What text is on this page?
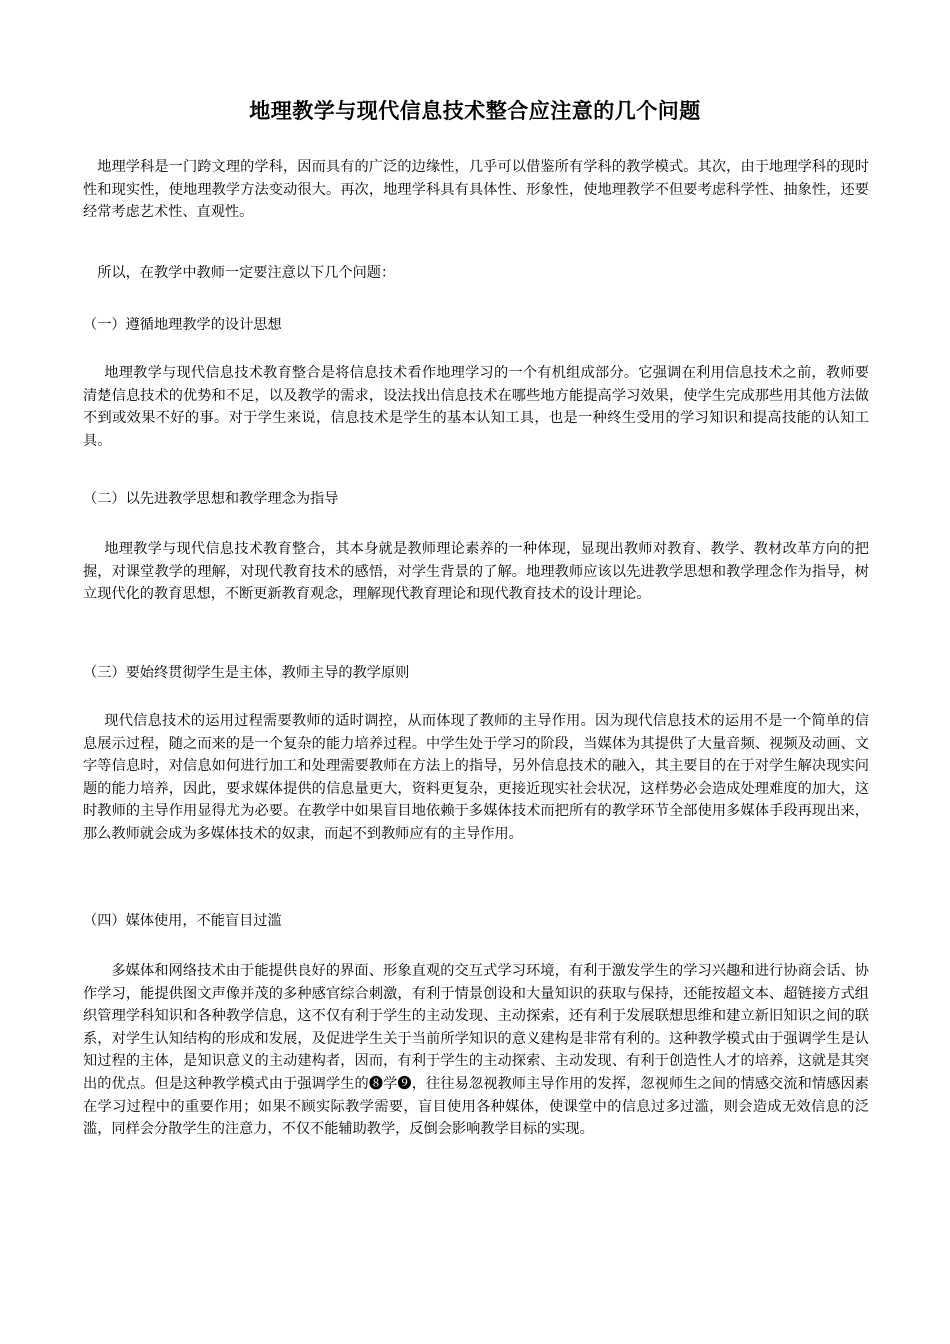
地理教学与现代信息技术整合应注意的几个问题

地理学科是一门跨文理的学科，因而具有的广泛的边缘性，几乎可以借鉴所有学科的教学模式。其次，由于地理学科的现时性和现实性，使地理教学方法变动很大。再次，地理学科具有具体性、形象性，使地理教学不但要考虑科学性、抽象性，还要经常考虑艺术性、直观性。

所以，在教学中教师一定要注意以下几个问题：

（一）遵循地理教学的设计思想

地理教学与现代信息技术教育整合是将信息技术看作地理学习的一个有机组成部分。它强调在利用信息技术之前，教师要清楚信息技术的优势和不足，以及教学的需求，设法找出信息技术在哪些地方能提高学习效果，使学生完成那些用其他方法做不到或效果不好的事。对于学生来说，信息技术是学生的基本认知工具，也是一种终生受用的学习知识和提高技能的认知工具。

（二）以先进教学思想和教学理念为指导

地理教学与现代信息技术教育整合，其本身就是教师理论素养的一种体现，显现出教师对教育、教学、教材改革方向的把握，对课堂教学的理解，对现代教育技术的感悟，对学生背景的了解。地理教师应该以先进教学思想和教学理念作为指导，树立现代化的教育思想，不断更新教育观念，理解现代教育理论和现代教育技术的设计理论。

（三）要始终贯彻学生是主体，教师主导的教学原则

现代信息技术的运用过程需要教师的适时调控，从而体现了教师的主导作用。因为现代信息技术的运用不是一个简单的信息展示过程，随之而来的是一个复杂的能力培养过程。中学生处于学习的阶段，当媒体为其提供了大量音频、视频及动画、文字等信息时，对信息如何进行加工和处理需要教师在方法上的指导，另外信息技术的融入，其主要目的在于对学生解决现实问题的能力培养，因此，要求媒体提供的信息量更大，资料更复杂，更接近现实社会状况，这样势必会造成处理难度的加大，这时教师的主导作用显得尤为必要。在教学中如果盲目地依赖于多媒体技术而把所有的教学环节全部使用多媒体手段再现出来，那么教师就会成为多媒体技术的奴隶，而起不到教师应有的主导作用。

（四）媒体使用，不能盲目过滥

多媒体和网络技术由于能提供良好的界面、形象直观的交互式学习环境，有利于激发学生的学习兴趣和进行协商会话、协作学习，能提供图文声像并茂的多种感官综合刺激，有利于情景创设和大量知识的获取与保持，还能按超文本、超链接方式组织管理学科知识和各种教学信息，这不仅有利于学生的主动发现、主动探索，还有利于发展联想思维和建立新旧知识之间的联系，对学生认知结构的形成和发展，及促进学生关于当前所学知识的意义建构是非常有利的。这种教学模式由于强调学生是认知过程的主体，是知识意义的主动建构者，因而，有利于学生的主动探索、主动发现、有利于创造性人才的培养，这就是其突出的优点。但是这种教学模式由于强调学生的❽学❾，往往易忽视教师主导作用的发挥，忽视师生之间的情感交流和情感因素在学习过程中的重要作用；如果不顾实际教学需要，盲目使用各种媒体，使课堂中的信息过多过滥，则会造成无效信息的泛滥，同样会分散学生的注意力，不仅不能辅助教学，反倒会影响教学目标的实现。
